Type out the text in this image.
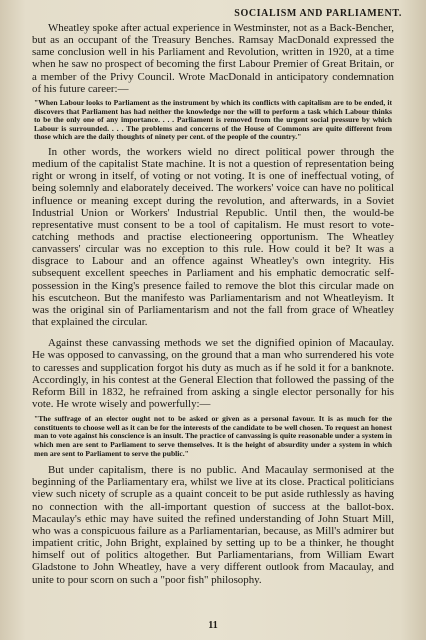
SOCIALISM AND PARLIAMENT.

Wheatley spoke after actual experience in Westminster, not as a Back-Bencher, but as an occupant of the Treasury Benches. Ramsay MacDonald expressed the same conclusion well in his Parliament and Revolution, written in 1920, at a time when he saw no prospect of becoming the first Labour Premier of Great Britain, or a member of the Privy Council. Wrote MacDonald in anticipatory condemnation of his future career:—

"When Labour looks to Parliament as the instrument by which its conflicts with capitalism are to be ended, it discovers that Parliament has had neither the knowledge nor the will to perform a task which Labour thinks to be the only one of any importance. . . . Parliament is removed from the urgent social pressure by which Labour is surrounded. . . . The problems and concerns of the House of Commons are quite different from those which are the daily thoughts of ninety per cent. of the people of the country."

In other words, the workers wield no direct political power through the medium of the capitalist State machine. It is not a question of representation being right or wrong in itself, of voting or not voting. It is one of ineffectual voting, of being solemnly and elaborately deceived. The workers' voice can have no political influence or meaning except during the revolution, and afterwards, in a Soviet Industrial Union or Workers' Industrial Republic. Until then, the would-be representative must consent to be a tool of capitalism. He must resort to vote-catching methods and practise electioneering opportunism. The Wheatley canvassers' circular was no exception to this rule. How could it be? It was a disgrace to Labour and an offence against Wheatley's own integrity. His subsequent excellent speeches in Parliament and his emphatic democratic self-possession in the King's presence failed to remove the blot this circular made on his escutcheon. But the manifesto was Parliamentarism and not Wheatleyism. It was the original sin of Parliamentarism and not the fall from grace of Wheatley that explained the circular.

Against these canvassing methods we set the dignified opinion of Macaulay. He was opposed to canvassing, on the ground that a man who surrendered his vote to caresses and supplication forgot his duty as much as if he sold it for a banknote. Accordingly, in his contest at the General Election that followed the passing of the Reform Bill in 1832, he refrained from asking a single elector personally for his vote. He wrote wisely and powerfully:—

"The suffrage of an elector ought not to be asked or given as a personal favour. It is as much for the constituents to choose well as it can be for the interests of the candidate to be well chosen. To request an honest man to vote against his conscience is an insult. The practice of canvassing is quite reasonable under a system in which men are sent to Parliament to serve themselves. It is the height of absurdity under a system in which men are sent to Parliament to serve the public."

But under capitalism, there is no public. And Macaulay sermonised at the beginning of the Parliamentary era, whilst we live at its close. Practical politicians view such nicety of scruple as a quaint conceit to be put aside ruthlessly as having no connection with the all-important question of success at the ballot-box. Macaulay's ethic may have suited the refined understanding of John Stuart Mill, who was a conspicuous failure as a Parliamentarian, because, as Mill's admirer but impatient critic, John Bright, explained by setting up to be a thinker, he thought himself out of politics altogether. But Parliamentarians, from William Ewart Gladstone to John Wheatley, have a very different outlook from Macaulay, and unite to pour scorn on such a "poor fish" philosophy.

11
